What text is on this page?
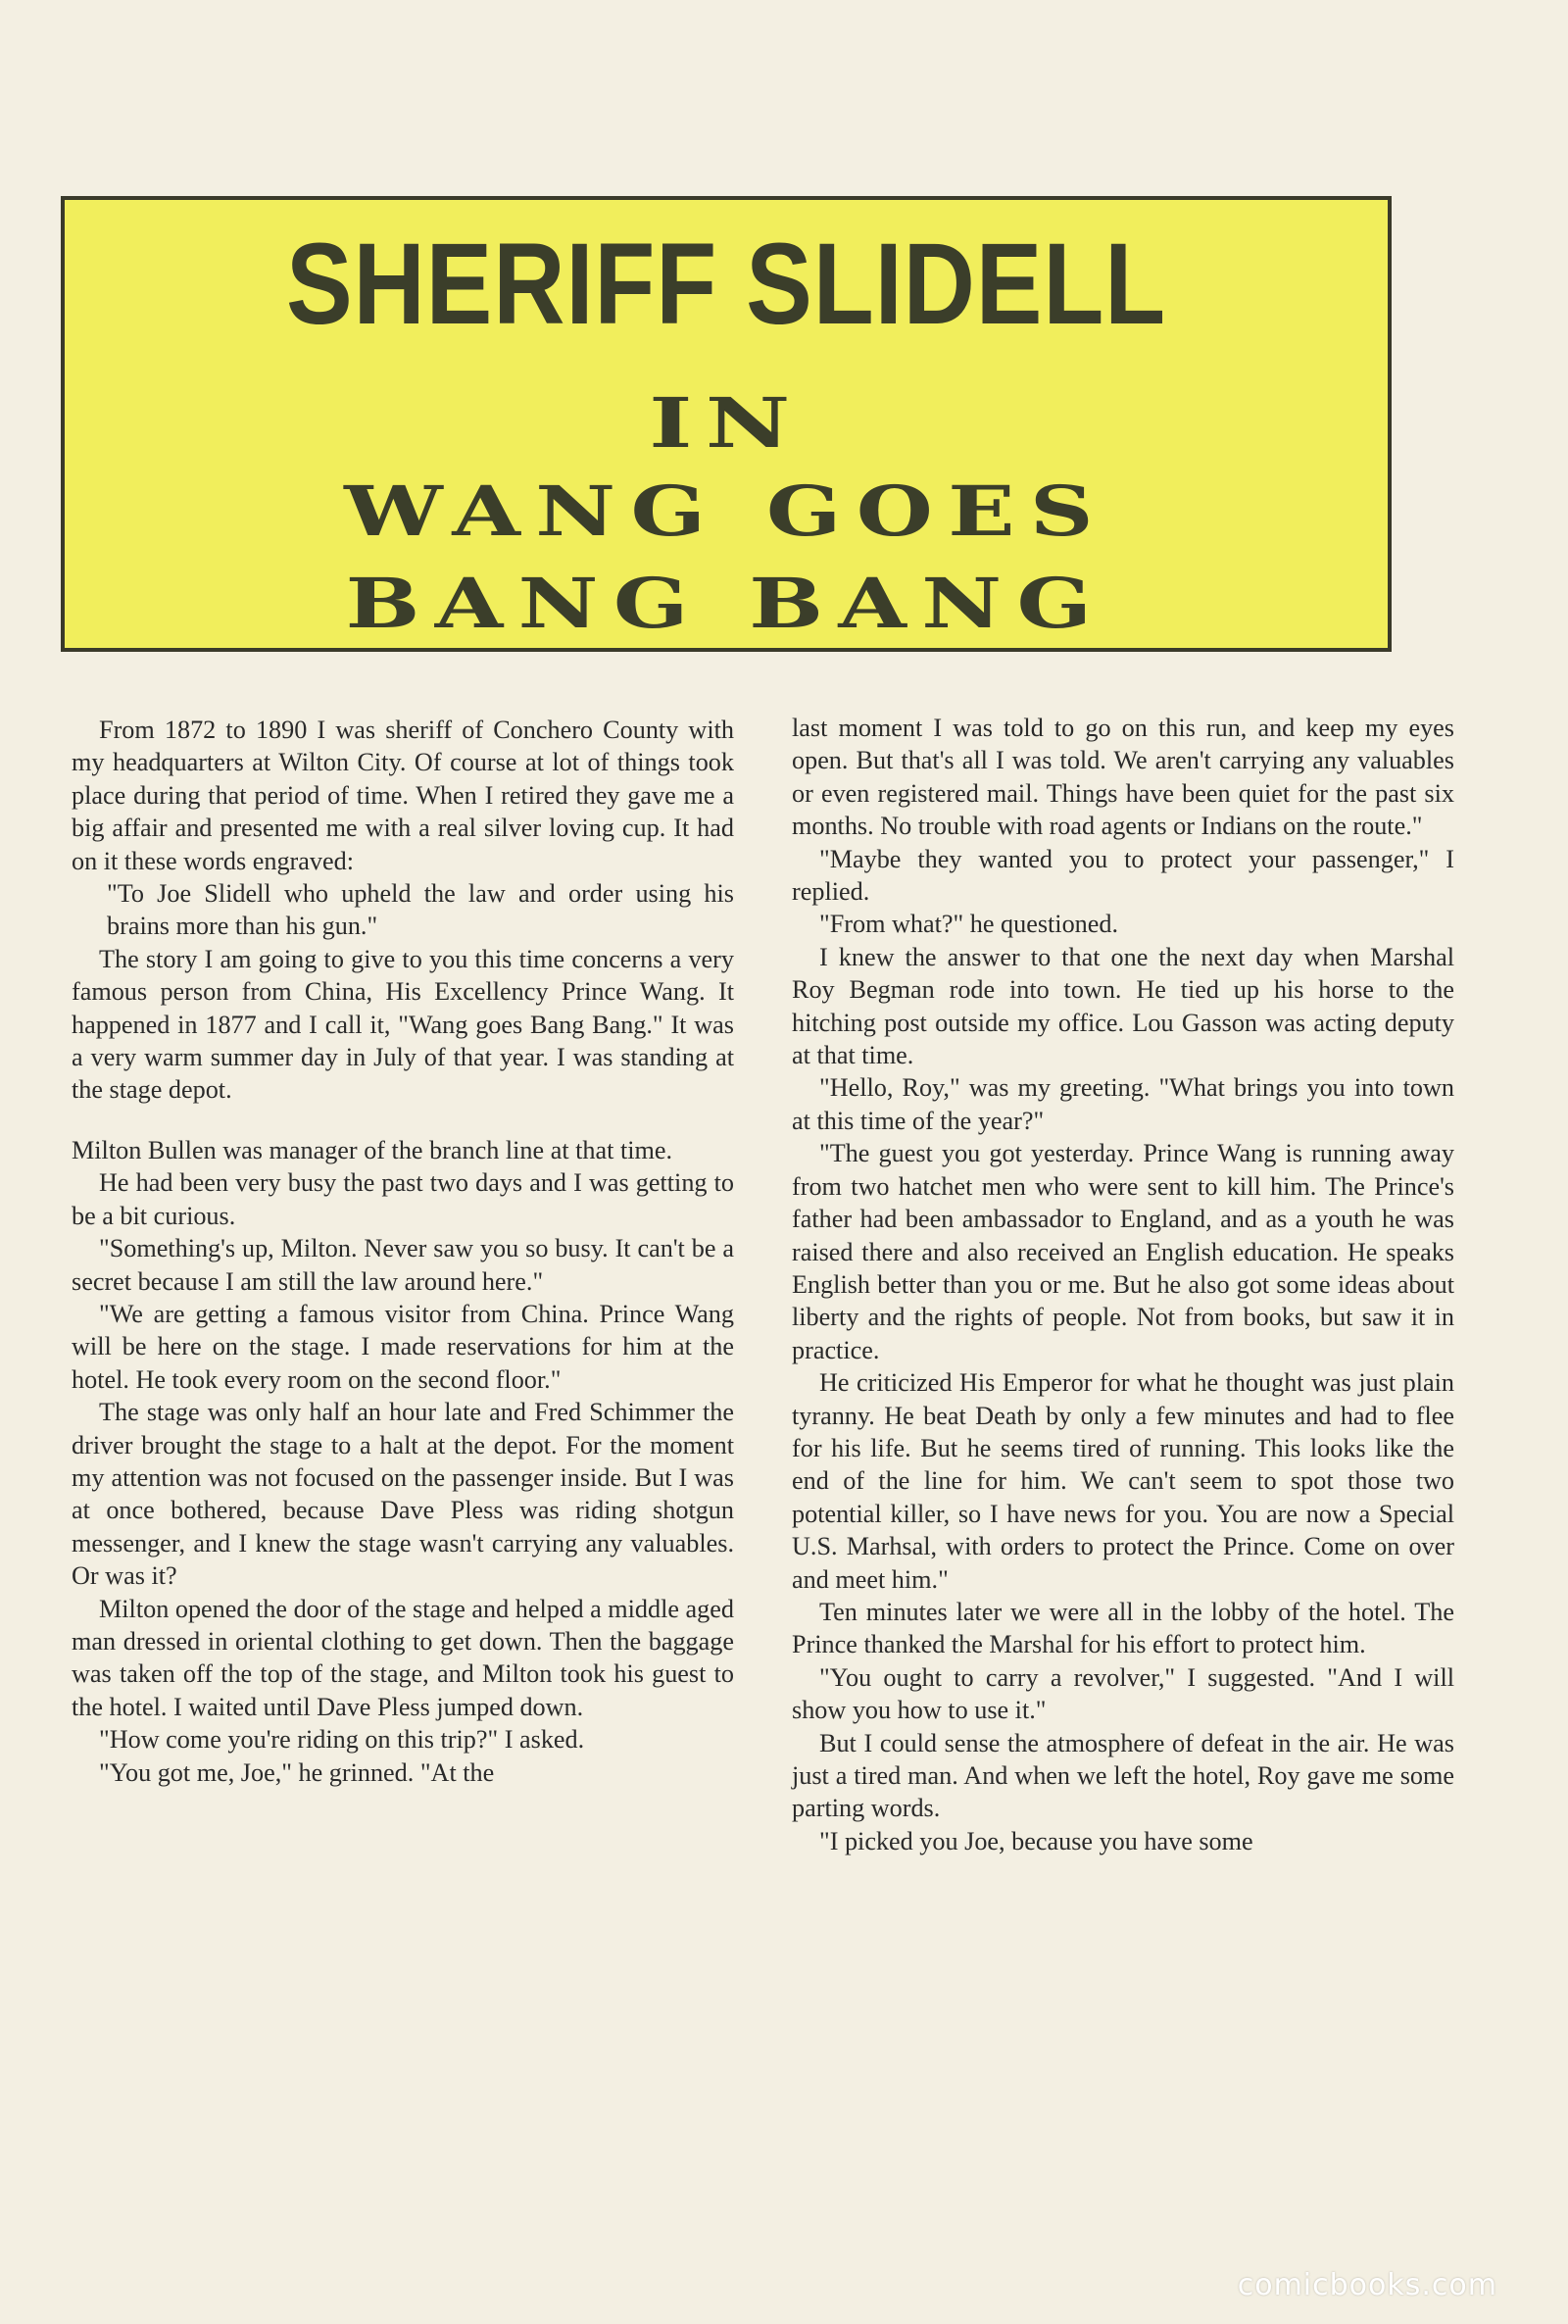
SHERIFF SLIDELL
IN
WANG GOES
BANG BANG

From 1872 to 1890 I was sheriff of Conchero County with my headquarters at Wilton City. Of course at lot of things took place during that period of time. When I retired they gave me a big affair and presented me with a real silver loving cup. It had on it these words engraved:

"To Joe Slidell who upheld the law and order using his brains more than his gun."

The story I am going to give to you this time concerns a very famous person from China, His Excellency Prince Wang. It happened in 1877 and I call it, "Wang goes Bang Bang." It was a very warm summer day in July of that year. I was standing at the stage depot.

Milton Bullen was manager of the branch line at that time.

He had been very busy the past two days and I was getting to be a bit curious.

"Something's up, Milton. Never saw you so busy. It can't be a secret because I am still the law around here."

"We are getting a famous visitor from China. Prince Wang will be here on the stage. I made reservations for him at the hotel. He took every room on the second floor."

The stage was only half an hour late and Fred Schimmer the driver brought the stage to a halt at the depot. For the moment my attention was not focused on the passenger inside. But I was at once bothered, because Dave Pless was riding shotgun messenger, and I knew the stage wasn't carrying any valuables. Or was it?

Milton opened the door of the stage and helped a middle aged man dressed in oriental clothing to get down. Then the baggage was taken off the top of the stage, and Milton took his guest to the hotel. I waited until Dave Pless jumped down.

"How come you're riding on this trip?" I asked.

"You got me, Joe," he grinned. "At the

last moment I was told to go on this run, and keep my eyes open. But that's all I was told. We aren't carrying any valuables or even registered mail. Things have been quiet for the past six months. No trouble with road agents or Indians on the route."

"Maybe they wanted you to protect your passenger," I replied.

"From what?" he questioned.

I knew the answer to that one the next day when Marshal Roy Begman rode into town. He tied up his horse to the hitching post outside my office. Lou Gasson was acting deputy at that time.

"Hello, Roy," was my greeting. "What brings you into town at this time of the year?"

"The guest you got yesterday. Prince Wang is running away from two hatchet men who were sent to kill him. The Prince's father had been ambassador to England, and as a youth he was raised there and also received an English education. He speaks English better than you or me. But he also got some ideas about liberty and the rights of people. Not from books, but saw it in practice.

He criticized His Emperor for what he thought was just plain tyranny. He beat Death by only a few minutes and had to flee for his life. But he seems tired of running. This looks like the end of the line for him. We can't seem to spot those two potential killer, so I have news for you. You are now a Special U.S. Marhsal, with orders to protect the Prince. Come on over and meet him."

Ten minutes later we were all in the lobby of the hotel. The Prince thanked the Marshal for his effort to protect him.

"You ought to carry a revolver," I suggested. "And I will show you how to use it."

But I could sense the atmosphere of defeat in the air. He was just a tired man. And when we left the hotel, Roy gave me some parting words.

"I picked you Joe, because you have some

comicbooks.com
